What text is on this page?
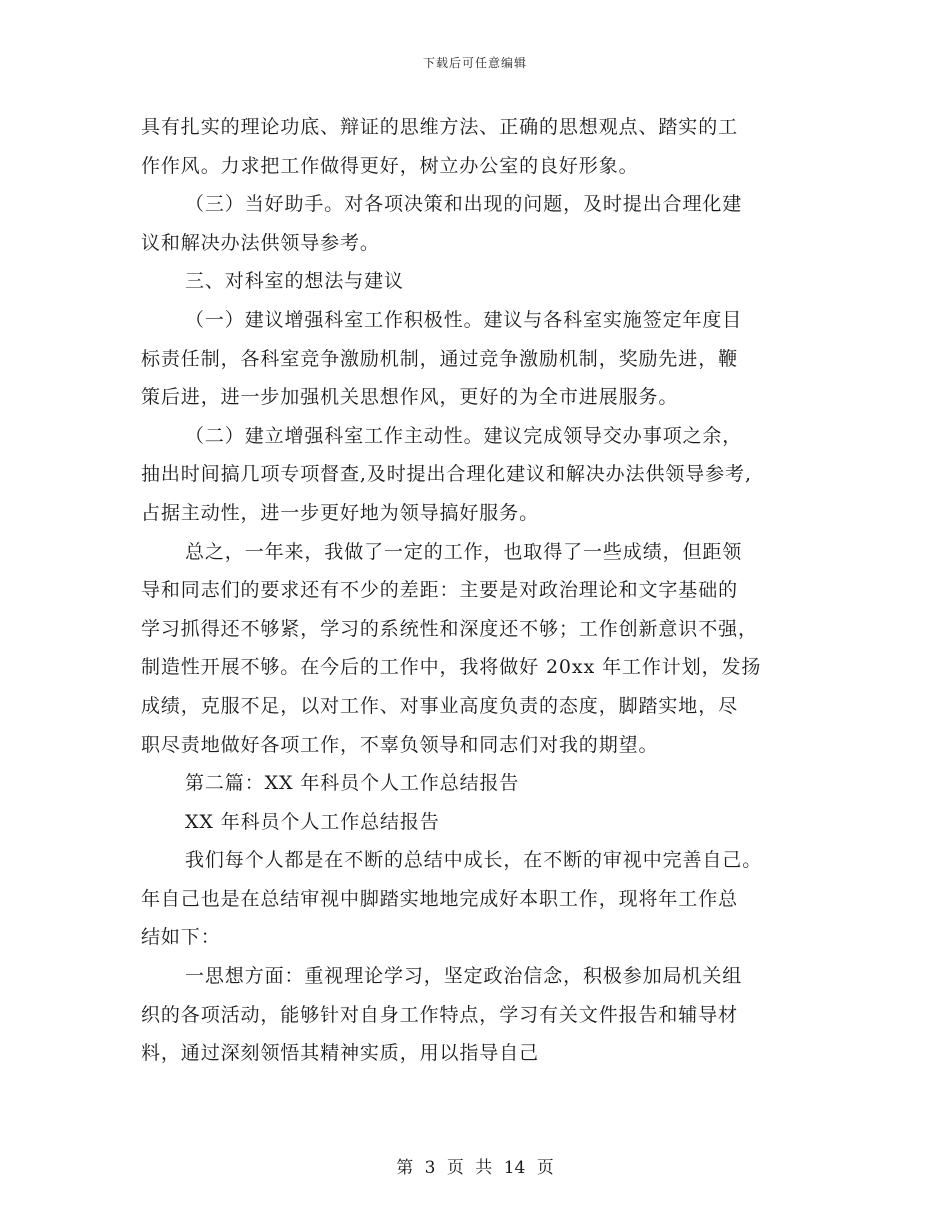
下载后可任意编辑
具有扎实的理论功底、辩证的思维方法、正确的思想观点、踏实的工
作作风。力求把工作做得更好，树立办公室的良好形象。
（三）当好助手。对各项决策和出现的问题，及时提出合理化建
议和解决办法供领导参考。
三、对科室的想法与建议
（一）建议增强科室工作积极性。建议与各科室实施签定年度目
标责任制，各科室竞争激励机制，通过竞争激励机制，奖励先进，鞭
策后进，进一步加强机关思想作风，更好的为全市进展服务。
（二）建立增强科室工作主动性。建议完成领导交办事项之余，
抽出时间搞几项专项督查,及时提出合理化建议和解决办法供领导参考,
占据主动性，进一步更好地为领导搞好服务。
总之，一年来，我做了一定的工作，也取得了一些成绩，但距领
导和同志们的要求还有不少的差距：主要是对政治理论和文字基础的
学习抓得还不够紧，学习的系统性和深度还不够；工作创新意识不强，
制造性开展不够。在今后的工作中，我将做好 20xx 年工作计划，发扬
成绩，克服不足，以对工作、对事业高度负责的态度，脚踏实地，尽
职尽责地做好各项工作，不辜负领导和同志们对我的期望。
第二篇：XX 年科员个人工作总结报告
XX 年科员个人工作总结报告
我们每个人都是在不断的总结中成长，在不断的审视中完善自己。
年自己也是在总结审视中脚踏实地地完成好本职工作，现将年工作总
结如下：
一思想方面：重视理论学习，坚定政治信念，积极参加局机关组
织的各项活动，能够针对自身工作特点，学习有关文件报告和辅导材
料，通过深刻领悟其精神实质，用以指导自己
第 3 页 共 14 页
